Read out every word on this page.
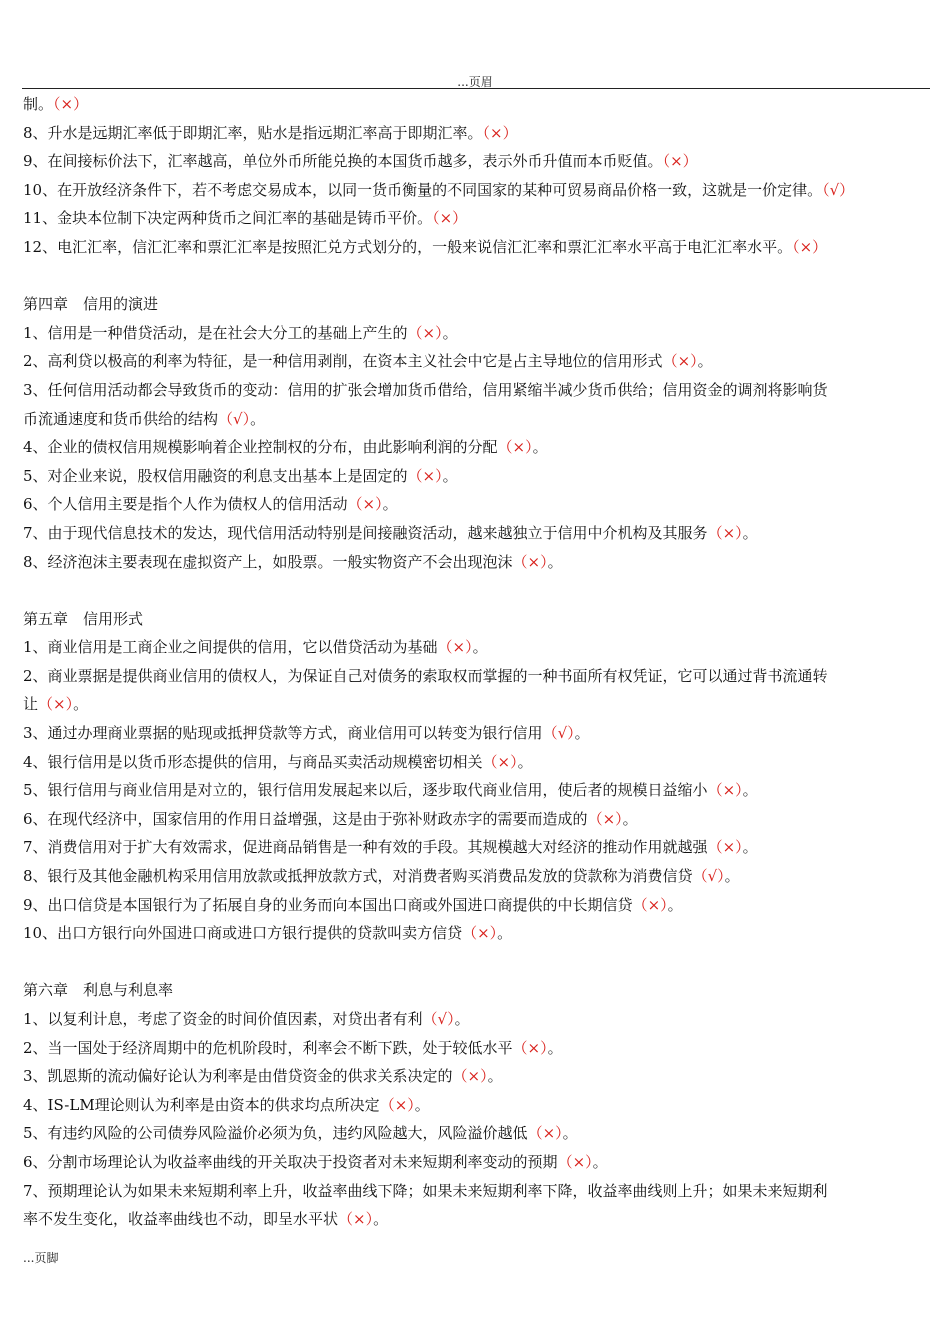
...页眉
制。（×）
8、升水是远期汇率低于即期汇率，贴水是指远期汇率高于即期汇率。（×）
9、在间接标价法下，汇率越高，单位外币所能兑换的本国货币越多，表示外币升值而本币贬值。（×）
10、在开放经济条件下，若不考虑交易成本，以同一货币衡量的不同国家的某种可贸易商品价格一致，这就是一价定律。（√）
11、金块本位制下决定两种货币之间汇率的基础是铸币平价。（×）
12、电汇汇率，信汇汇率和票汇汇率是按照汇兑方式划分的，一般来说信汇汇率和票汇汇率水平高于电汇汇率水平。（×）
第四章　信用的演进
1、信用是一种借贷活动，是在社会大分工的基础上产生的（×）。
2、高利贷以极高的利率为特征，是一种信用剥削，在资本主义社会中它是占主导地位的信用形式（×）。
3、任何信用活动都会导致货币的变动：信用的扩张会增加货币借给，信用紧缩半减少货币供给；信用资金的调剂将影响货
币流通速度和货币供给的结构（√）。
4、企业的债权信用规模影响着企业控制权的分布，由此影响利润的分配（×）。
5、对企业来说，股权信用融资的利息支出基本上是固定的（×）。
6、个人信用主要是指个人作为债权人的信用活动（×）。
7、由于现代信息技术的发达，现代信用活动特别是间接融资活动，越来越独立于信用中介机构及其服务（×）。
8、经济泡沫主要表现在虚拟资产上，如股票。一般实物资产不会出现泡沫（×）。
第五章　信用形式
1、商业信用是工商企业之间提供的信用，它以借贷活动为基础（×）。
2、商业票据是提供商业信用的债权人，为保证自己对债务的索取权而掌握的一种书面所有权凭证，它可以通过背书流通转
让（×）。
3、通过办理商业票据的贴现或抵押贷款等方式，商业信用可以转变为银行信用（√）。
4、银行信用是以货币形态提供的信用，与商品买卖活动规模密切相关（×）。
5、银行信用与商业信用是对立的，银行信用发展起来以后，逐步取代商业信用，使后者的规模日益缩小（×）。
6、在现代经济中，国家信用的作用日益增强，这是由于弥补财政赤字的需要而造成的（×）。
7、消费信用对于扩大有效需求，促进商品销售是一种有效的手段。其规模越大对经济的推动作用就越强（×）。
8、银行及其他金融机构采用信用放款或抵押放款方式，对消费者购买消费品发放的贷款称为消费信贷（√）。
9、出口信贷是本国银行为了拓展自身的业务而向本国出口商或外国进口商提供的中长期信贷（×）。
10、出口方银行向外国进口商或进口方银行提供的贷款叫卖方信贷（×）。
第六章　利息与利息率
1、以复利计息，考虑了资金的时间价值因素，对贷出者有利（√）。
2、当一国处于经济周期中的危机阶段时，利率会不断下跌，处于较低水平（×）。
3、凯恩斯的流动偏好论认为利率是由借贷资金的供求关系决定的（×）。
4、IS-LM理论则认为利率是由资本的供求均点所决定（×）。
5、有违约风险的公司债券风险溢价必须为负，违约风险越大，风险溢价越低（×）。
6、分割市场理论认为收益率曲线的开关取决于投资者对未来短期利率变动的预期（×）。
7、预期理论认为如果未来短期利率上升，收益率曲线下降；如果未来短期利率下降，收益率曲线则上升；如果未来短期利
率不发生变化，收益率曲线也不动，即呈水平状（×）。
...页脚
